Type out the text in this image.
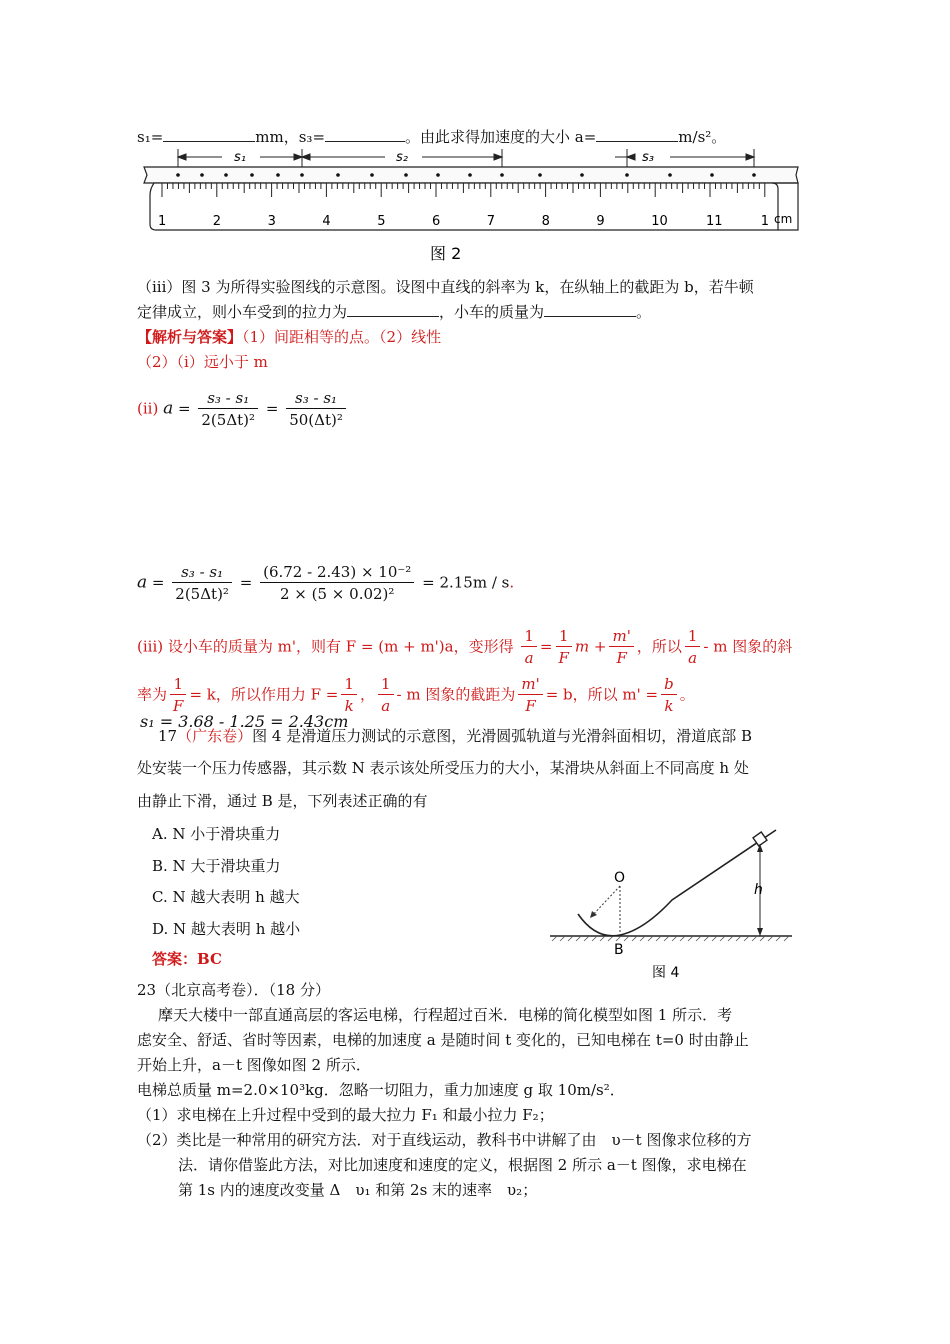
s₁=	mm，s₃=	。由此求得加速度的大小 a=	m/s²。
s₁	s₂	s₃
1	2	3	4	5	6	7	8	9	10	11	1 cm
图 2
（iii）图 3 为所得实验图线的示意图。设图中直线的斜率为 k，在纵轴上的截距为 b，若牛顿
定律成立，则小车受到的拉力为	，小车的质量为	。
【解析与答案】（1）间距相等的点。（2）线性
（2）（i）远小于 m
(ii) $a = \frac{\text{s₃ - s₁}}{\text{2(5Δt)²}} = \frac{\text{s₃ - s₁}}{\text{50(Δt)²}}$
$a = \frac{\text{s₃ - s₁}}{\text{2(5Δt)²}} = \frac{\text{(6.72 - 2.43) × 10⁻²}}{\text{2 × (5 × 0.02)²}} = 2.15m / s$.
(iii) 设小车的质量为 m'，则有 F = (m + m')a，变形得 $\frac{1}{a} = \frac{1}{F}$ $m + \frac{m'}{F}$ ，所以 $\frac{1}{a}$ - m 图象的斜
率为 $\frac{1}{F} = k$，所以作用力 $F = \frac{1}{k}$ ， $\frac{1}{a}$ - m 图象的截距为 $\frac{m'}{F} = b$，所以 $m' = \frac{b}{k}$ 。
s₁ = 3.68 - 1.25 = 2.43cm
17（广东卷）图 4 是滑道压力测试的示意图，光滑圆弧轨道与光滑斜面相切，滑道底部 B
处安装一个压力传感器，其示数 N 表示该处所受压力的大小，某滑块从斜面上不同高度 h 处
由静止下滑，通过 B 是，下列表述正确的有
A. N 小于滑块重力
B. N 大于滑块重力
C. N 越大表明 h 越大
D. N 越大表明 h 越小
答案：BC
O
h
B
图 4
23（北京高考卷）．（18 分）
摩天大楼中一部直通高层的客运电梯，行程超过百米．电梯的简化模型如图 1 所示．考
虑安全、舒适、省时等因素，电梯的加速度 a 是随时间 t 变化的，已知电梯在 t=0 时由静止
开始上升，a－t 图像如图 2 所示．
电梯总质量 m=2.0×10³kg．忽略一切阻力，重力加速度 g 取 10m/s²．
（1）求电梯在上升过程中受到的最大拉力 F₁ 和最小拉力 F₂；
（2）类比是一种常用的研究方法．对于直线运动，教科书中讲解了由　υ－t 图像求位移的方
法．请你借鉴此方法，对比加速度和速度的定义，根据图 2 所示 a－t 图像，求电梯在
第 1s 内的速度改变量 Δ　υ₁ 和第 2s 末的速率　υ₂；
